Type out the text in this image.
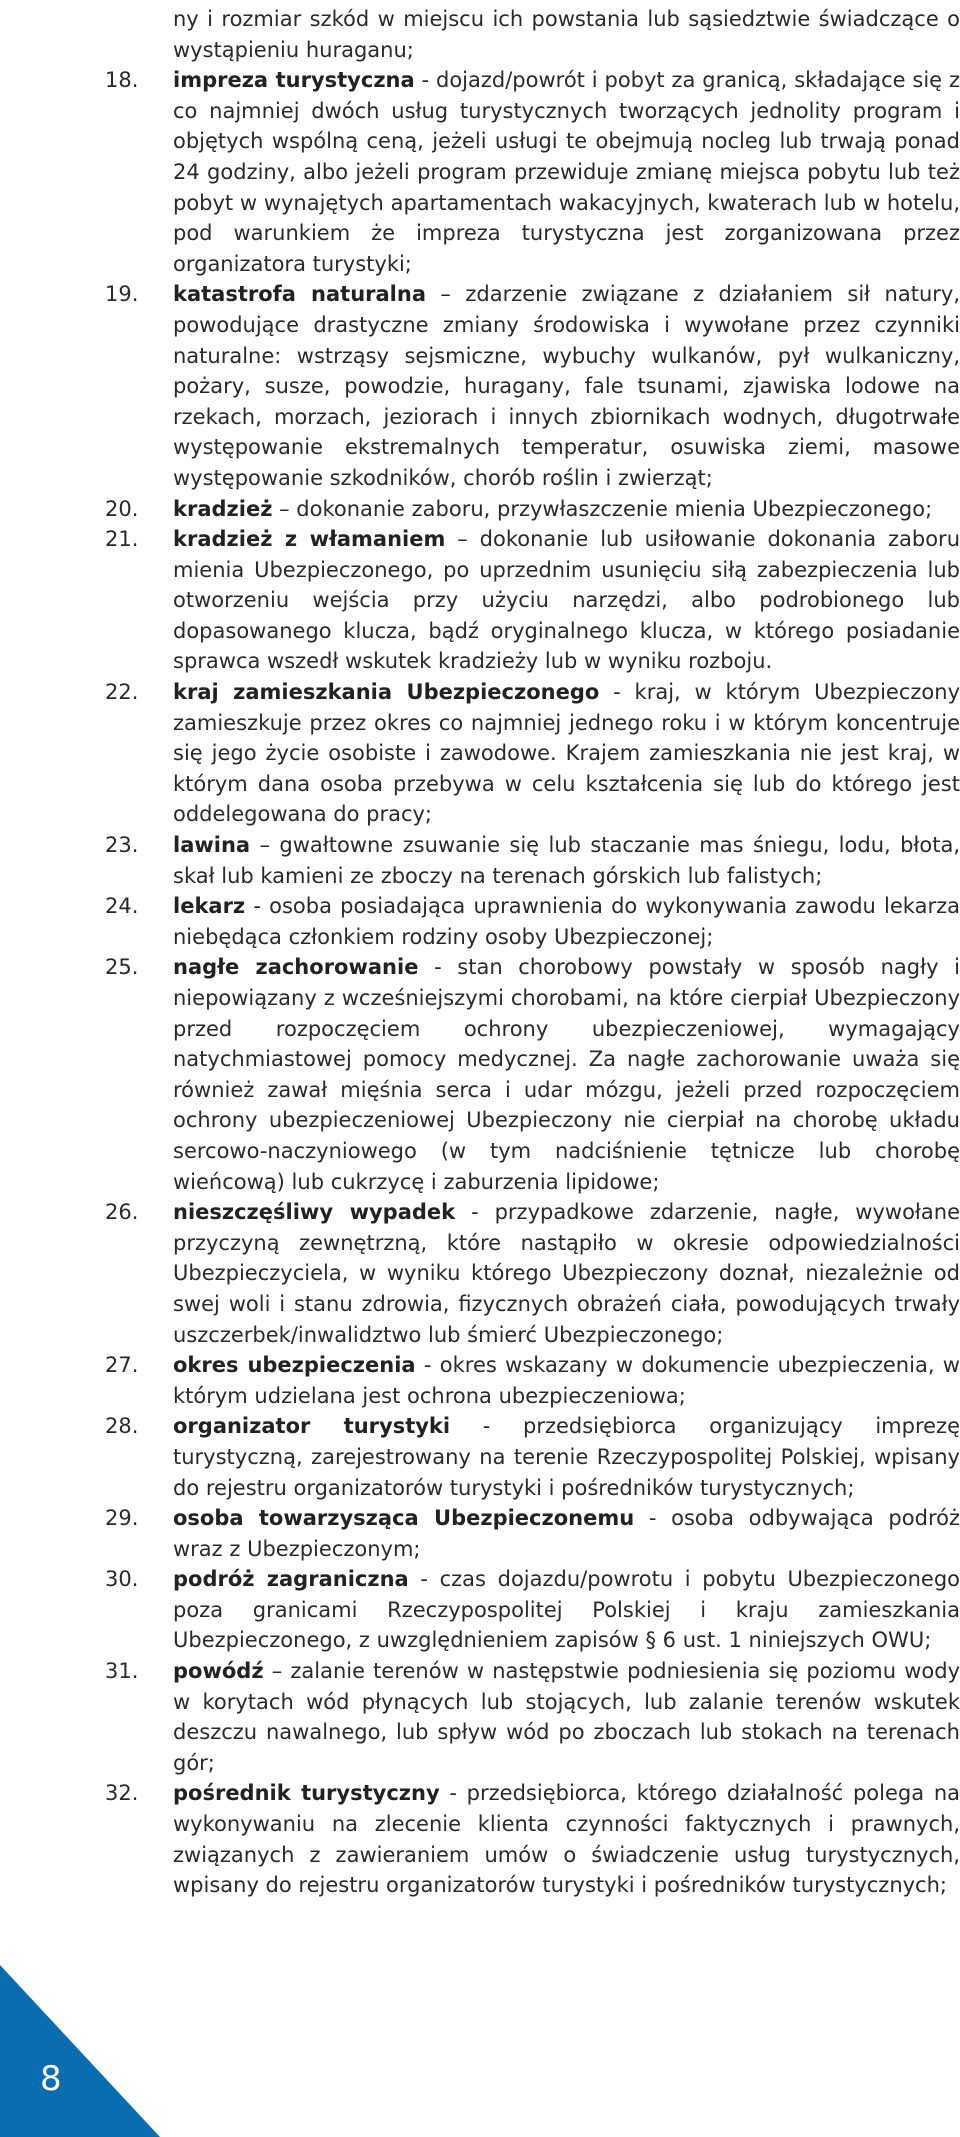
ny i rozmiar szkód w miejscu ich powstania lub sąsiedztwie świadczące o wystąpieniu huraganu;
18.	impreza turystyczna - dojazd/powrót i pobyt za granicą, składające się z co najmniej dwóch usług turystycznych tworzących jednolity program i objętych wspólną ceną, jeżeli usługi te obejmują nocleg lub trwają ponad 24 godziny, albo jeżeli program przewiduje zmianę miejsca pobytu lub też pobyt w wynajętych apartamentach wakacyjnych, kwaterach lub w hotelu, pod warunkiem że impreza turystyczna jest zorganizowana przez organizatora turystyki;
19.	katastrofa naturalna – zdarzenie związane z działaniem sił natury, powodujące drastyczne zmiany środowiska i wywołane przez czynniki naturalne: wstrząsy sejsmiczne, wybuchy wulkanów, pył wulkaniczny, pożary, susze, powodzie, huragany, fale tsunami, zjawiska lodowe na rzekach, morzach, jeziorach i innych zbiornikach wodnych, długotrwałe występowanie ekstremalnych temperatur, osuwiska ziemi, masowe występowanie szkodników, chorób roślin i zwierząt;
20.	kradzież – dokonanie zaboru, przywłaszczenie mienia Ubezpieczonego;
21.	kradzież z włamaniem – dokonanie lub usiłowanie dokonania zaboru mienia Ubezpieczonego, po uprzednim usunięciu siłą zabezpieczenia lub otworzeniu wejścia przy użyciu narzędzi, albo podrobionego lub dopasowanego klucza, bądź oryginalnego klucza, w którego posiadanie sprawca wszedł wskutek kradzieży lub w wyniku rozboju.
22.	kraj zamieszkania Ubezpieczonego - kraj, w którym Ubezpieczony zamieszkuje przez okres co najmniej jednego roku i w którym koncentruje się jego życie osobiste i zawodowe. Krajem zamieszkania nie jest kraj, w którym dana osoba przebywa w celu kształcenia się lub do którego jest oddelegowana do pracy;
23.	lawina – gwałtowne zsuwanie się lub staczanie mas śniegu, lodu, błota, skał lub kamieni ze zboczy na terenach górskich lub falistych;
24.	lekarz - osoba posiadająca uprawnienia do wykonywania zawodu lekarza niebędąca członkiem rodziny osoby Ubezpieczonej;
25.	nagłe zachorowanie - stan chorobowy powstały w sposób nagły i niepowiązany z wcześniejszymi chorobami, na które cierpiał Ubezpieczony przed rozpoczęciem ochrony ubezpieczeniowej, wymagający natychmiastowej pomocy medycznej. Za nagłe zachorowanie uważa się również zawał mięśnia serca i udar mózgu, jeżeli przed rozpoczęciem ochrony ubezpieczeniowej Ubezpieczony nie cierpiał na chorobę układu sercowo-naczyniowego (w tym nadciśnienie tętnicze lub chorobę wieńcową) lub cukrzycę i zaburzenia lipidowe;
26.	nieszczęśliwy wypadek - przypadkowe zdarzenie, nagłe, wywołane przyczyną zewnętrzną, które nastąpiło w okresie odpowiedzialności Ubezpieczyciela, w wyniku którego Ubezpieczony doznał, niezależnie od swej woli i stanu zdrowia, fizycznych obrażeń ciała, powodujących trwały uszczerbek/inwalidztwo lub śmierć Ubezpieczonego;
27.	okres ubezpieczenia - okres wskazany w dokumencie ubezpieczenia, w którym udzielana jest ochrona ubezpieczeniowa;
28.	organizator turystyki - przedsiębiorca organizujący imprezę turystyczną, zarejestrowany na terenie Rzeczypospolitej Polskiej, wpisany do rejestru organizatorów turystyki i pośredników turystycznych;
29.	osoba towarzysząca Ubezpieczonemu - osoba odbywająca podróż wraz z Ubezpieczonym;
30.	podróż zagraniczna - czas dojazdu/powrotu i pobytu Ubezpieczonego poza granicami Rzeczypospolitej Polskiej i kraju zamieszkania Ubezpieczonego, z uwzględnieniem zapisów § 6 ust. 1 niniejszych OWU;
31.	powódź – zalanie terenów w następstwie podniesienia się poziomu wody w korytach wód płynących lub stojących, lub zalanie terenów wskutek deszczu nawalnego, lub spływ wód po zboczach lub stokach na terenach gór;
32.	pośrednik turystyczny - przedsiębiorca, którego działalność polega na wykonywaniu na zlecenie klienta czynności faktycznych i prawnych, związanych z zawieraniem umów o świadczenie usług turystycznych, wpisany do rejestru organizatorów turystyki i pośredników turystycznych;
8
